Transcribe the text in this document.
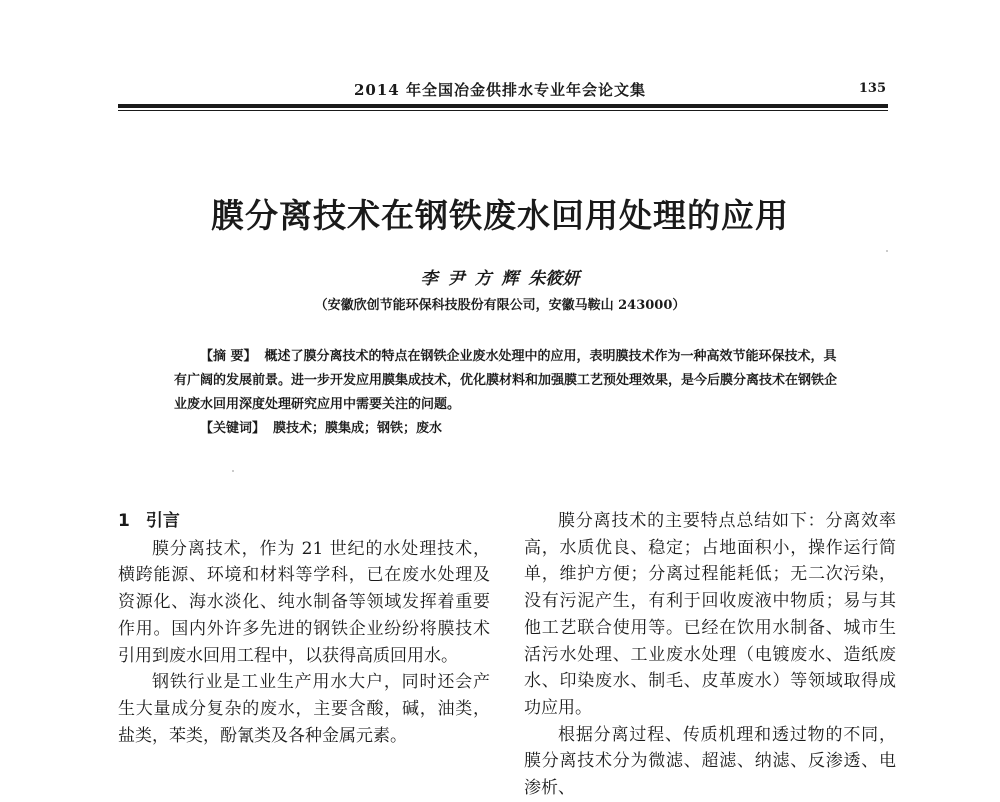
2014 年全国冶金供排水专业年会论文集	135
膜分离技术在钢铁废水回用处理的应用
李 尹 方 辉 朱筱妍
（安徽欣创节能环保科技股份有限公司，安徽马鞍山 243000）

【摘 要】 概述了膜分离技术的特点在钢铁企业废水处理中的应用，表明膜技术作为一种高效节能环保技术，具有广阔的发展前景。进一步开发应用膜集成技术，优化膜材料和加强膜工艺预处理效果，是今后膜分离技术在钢铁企业废水回用深度处理研究应用中需要关注的问题。

【关键词】 膜技术；膜集成；钢铁；废水
1 引言

膜分离技术，作为 21 世纪的水处理技术，横跨能源、环境和材料等学科，已在废水处理及资源化、海水淡化、纯水制备等领域发挥着重要作用。国内外许多先进的钢铁企业纷纷将膜技术引用到废水回用工程中，以获得高质回用水。

钢铁行业是工业生产用水大户，同时还会产生大量成分复杂的废水，主要含酸，碱，油类，盐类，苯类，酚氰类及各种金属元素。

膜分离技术的主要特点总结如下：分离效率高，水质优良、稳定；占地面积小，操作运行简单，维护方便；分离过程能耗低；无二次污染，没有污泥产生，有利于回收废液中物质；易与其他工艺联合使用等。已经在饮用水制备、城市生活污水处理、工业废水处理（电镀废水、造纸废水、印染废水、制毛、皮革废水）等领域取得成功应用。

根据分离过程、传质机理和透过物的不同，膜分离技术分为微滤、超滤、纳滤、反渗透、电渗析、
